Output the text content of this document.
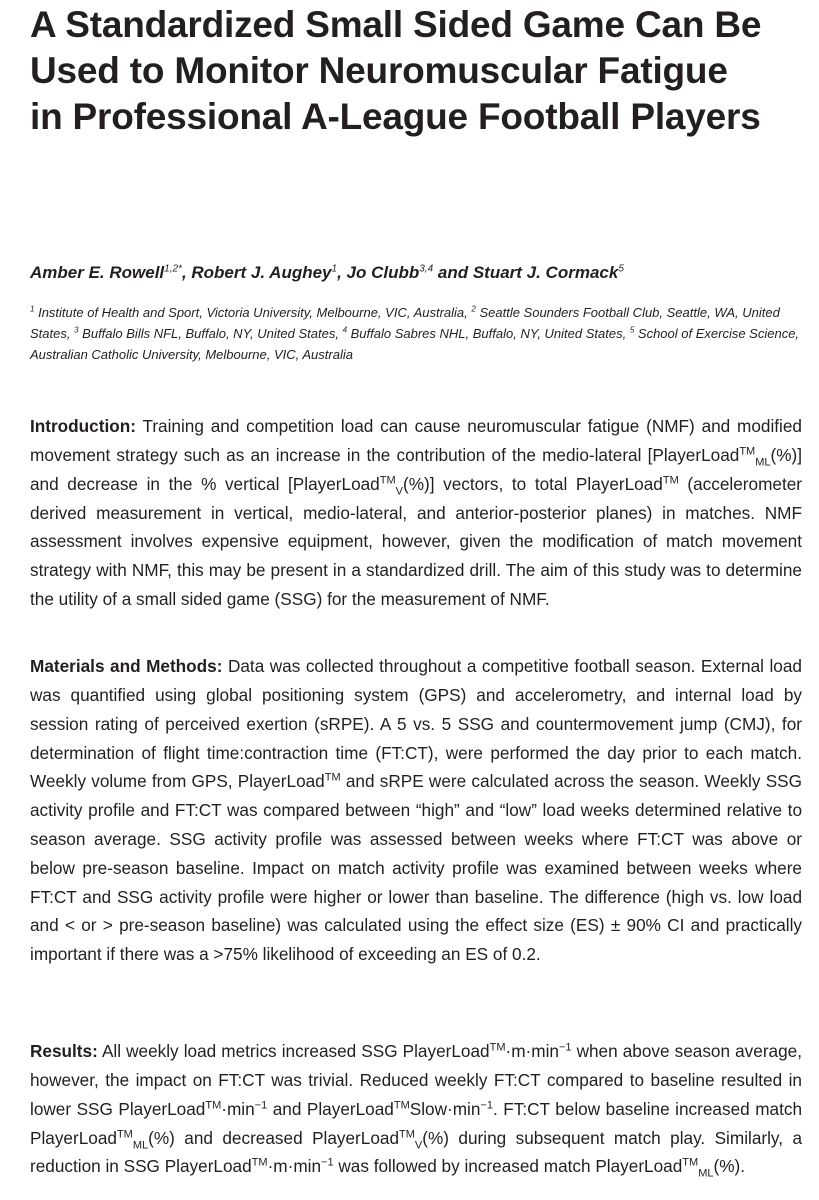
A Standardized Small Sided Game Can Be Used to Monitor Neuromuscular Fatigue in Professional A-League Football Players
Amber E. Rowell$^{1,2*}$, Robert J. Aughey$^1$, Jo Clubb$^{3,4}$ and Stuart J. Cormack$^5$
$^1$ Institute of Health and Sport, Victoria University, Melbourne, VIC, Australia, $^2$ Seattle Sounders Football Club, Seattle, WA, United States, $^3$ Buffalo Bills NFL, Buffalo, NY, United States, $^4$ Buffalo Sabres NHL, Buffalo, NY, United States, $^5$ School of Exercise Science, Australian Catholic University, Melbourne, VIC, Australia

Introduction: Training and competition load can cause neuromuscular fatigue (NMF) and modified movement strategy such as an increase in the contribution of the medio-lateral [PlayerLoad™$_{ML}$(%)] and decrease in the % vertical [PlayerLoad™$_V$(%)] vectors, to total PlayerLoad™ (accelerometer derived measurement in vertical, medio-lateral, and anterior-posterior planes) in matches. NMF assessment involves expensive equipment, however, given the modification of match movement strategy with NMF, this may be present in a standardized drill. The aim of this study was to determine the utility of a small sided game (SSG) for the measurement of NMF.

Materials and Methods: Data was collected throughout a competitive football season. External load was quantified using global positioning system (GPS) and accelerometry, and internal load by session rating of perceived exertion (sRPE). A 5 vs. 5 SSG and countermovement jump (CMJ), for determination of flight time:contraction time (FT:CT), were performed the day prior to each match. Weekly volume from GPS, PlayerLoad™ and sRPE were calculated across the season. Weekly SSG activity profile and FT:CT was compared between “high” and “low” load weeks determined relative to season average. SSG activity profile was assessed between weeks where FT:CT was above or below pre-season baseline. Impact on match activity profile was examined between weeks where FT:CT and SSG activity profile were higher or lower than baseline. The difference (high vs. low load and < or > pre-season baseline) was calculated using the effect size (ES) ± 90% CI and practically important if there was a >75% likelihood of exceeding an ES of 0.2.

Results: All weekly load metrics increased SSG $PlayerLoad™\cdot m\cdot\min^{-1}$ when above season average, however, the impact on FT:CT was trivial. Reduced weekly FT:CT compared to baseline resulted in lower SSG $PlayerLoad™\cdot\min^{-1}$ and $PlayerLoad™Slow\cdot\min^{-1}$. FT:CT below baseline increased match PlayerLoad™$_{ML}$(%) and decreased PlayerLoad™$_V$(%) during subsequent match play. Similarly, a reduction in SSG $PlayerLoad™\cdot m\cdot\min^{-1}$ was followed by increased match PlayerLoad™$_{ML}$(%).
